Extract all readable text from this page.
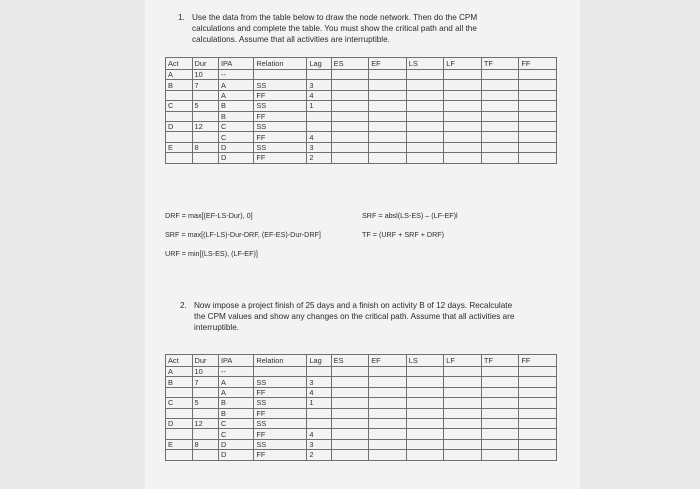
1. Use the data from the table below to draw the node network. Then do the CPM
calculations and complete the table. You must show the critical path and all the
calculations. Assume that all activities are interruptible.
Act	Dur	IPA	Relation	Lag	ES	EF	LS	LF	TF	FF
A	10	--								
B	7	A	SS	3						
		A	FF	4						
C	5	B	SS	1						
		B	FF							
D	12	C	SS							
		C	FF	4						
E	8	D	SS	3						
		D	FF	2						
DRF = max[(EF-LS-Dur), 0]
SRF = max[(LF-LS)-Dur-DRF, (EF-ES)-Dur-DRF]
URF = min[(LS-ES), (LF-EF)]
SRF = absl(LS-ES) – (LF-EF)l
TF = (URF + SRF + DRF)
2. Now impose a project finish of 25 days and a finish on activity B of 12 days. Recalculate
the CPM values and show any changes on the critical path. Assume that all activities are
interruptible.
Act	Dur	IPA	Relation	Lag	ES	EF	LS	LF	TF	FF
A	10	--								
B	7	A	SS	3						
		A	FF	4						
C	5	B	SS	1						
		B	FF							
D	12	C	SS							
		C	FF	4						
E	8	D	SS	3						
		D	FF	2						
